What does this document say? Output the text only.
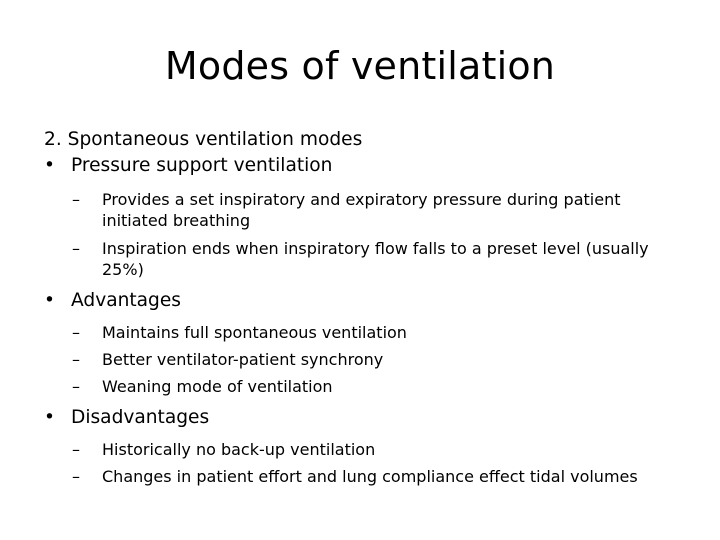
Modes of ventilation

2. Spontaneous ventilation modes

• Pressure support ventilation

– Provides a set inspiratory and expiratory pressure during patient initiated breathing

– Inspiration ends when inspiratory flow falls to a preset level (usually 25%)

• Advantages

– Maintains full spontaneous ventilation

– Better ventilator-patient synchrony

– Weaning mode of ventilation

• Disadvantages

– Historically no back-up ventilation

– Changes in patient effort and lung compliance effect tidal volumes
